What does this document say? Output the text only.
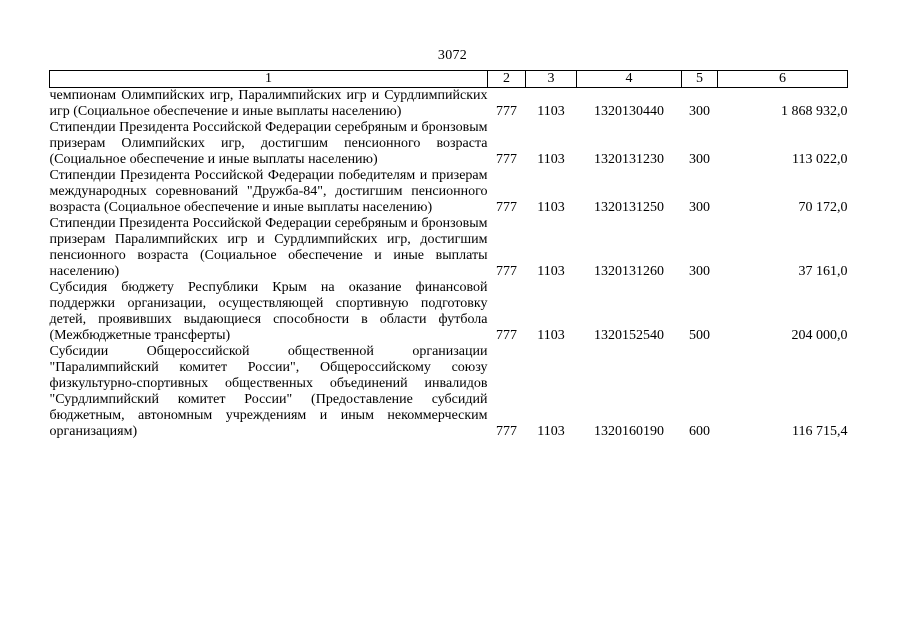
3072
1	2	3	4	5	6
чемпионам Олимпийских игр, Паралимпийских игр и Сурдлимпийских игр (Социальное обеспечение и иные выплаты населению)	777	1103	1320130440	300	1 868 932,0
Стипендии Президента Российской Федерации серебряным и бронзовым призерам Олимпийских игр, достигшим пенсионного возраста (Социальное обеспечение и иные выплаты населению)	777	1103	1320131230	300	113 022,0
Стипендии Президента Российской Федерации победителям и призерам международных соревнований "Дружба-84", достигшим пенсионного возраста (Социальное обеспечение и иные выплаты населению)	777	1103	1320131250	300	70 172,0
Стипендии Президента Российской Федерации серебряным и бронзовым призерам Паралимпийских игр и Сурдлимпийских игр, достигшим пенсионного возраста (Социальное обеспечение и иные выплаты населению)	777	1103	1320131260	300	37 161,0
Субсидия бюджету Республики Крым на оказание финансовой поддержки организации, осуществляющей спортивную подготовку детей, проявивших выдающиеся способности в области футбола (Межбюджетные трансферты)	777	1103	1320152540	500	204 000,0
Субсидии Общероссийской общественной организации "Паралимпийский комитет России", Общероссийскому союзу физкультурно-спортивных общественных объединений инвалидов "Сурдлимпийский комитет России" (Предоставление субсидий бюджетным, автономным учреждениям и иным некоммерческим организациям)	777	1103	1320160190	600	116 715,4
